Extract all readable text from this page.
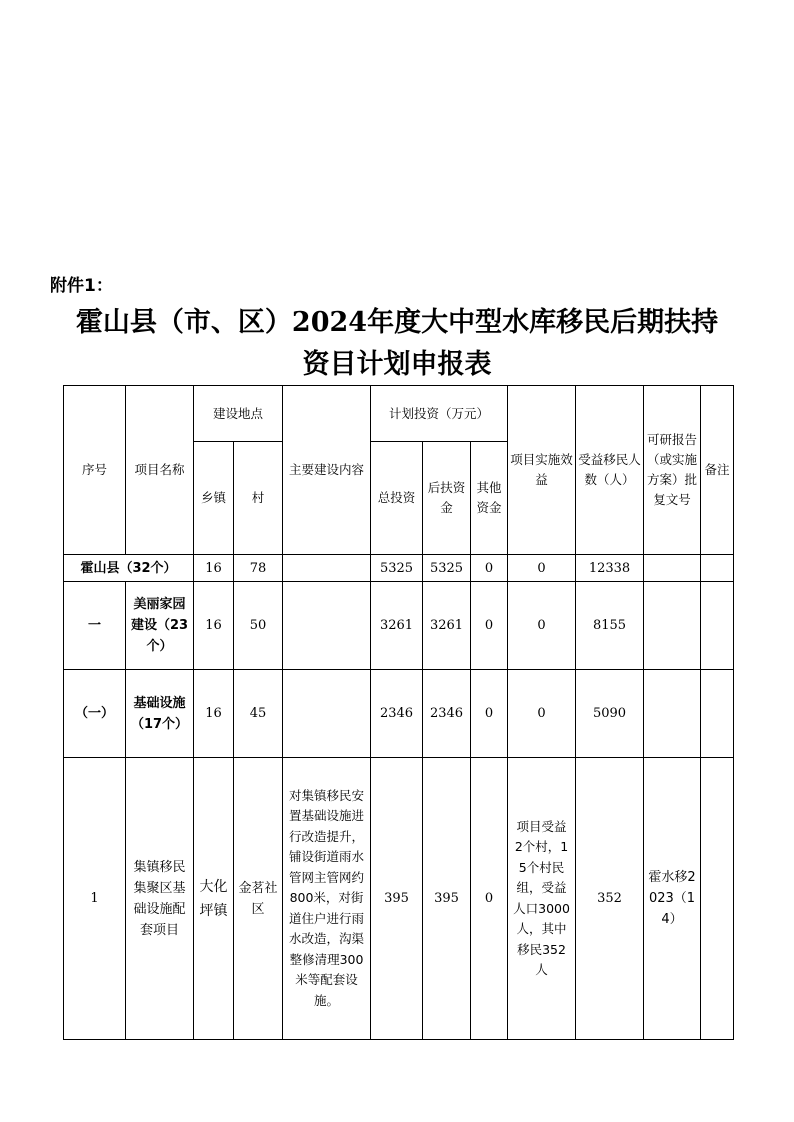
附件1：
霍山县（市、区）2024年度大中型水库移民后期扶持
资目计划申报表
序号	项目名称	建设地点		主要建设内容	计划投资（万元）			项目实施效益	受益移民人数（人）	可研报告（或实施方案）批复文号	备注
		乡镇	村		总投资	后扶资金	其他资金				
霍山县（32个）		16	78		5325	5325	0	0	12338		
一	美丽家园建设（23个）	16	50		3261	3261	0	0	8155		
（一）	基础设施（17个）	16	45		2346	2346	0	0	5090		
1	集镇移民集聚区基础设施配套项目	大化坪镇	金茗社区	对集镇移民安置基础设施进行改造提升，铺设街道雨水管网主管网约800米，对街道住户进行雨水改造，沟渠整修清理300米等配套设施。	395	395	0	项目受益2个村，15个村民组，受益人口3000人，其中移民352人	352	霍水移2023（14）	
